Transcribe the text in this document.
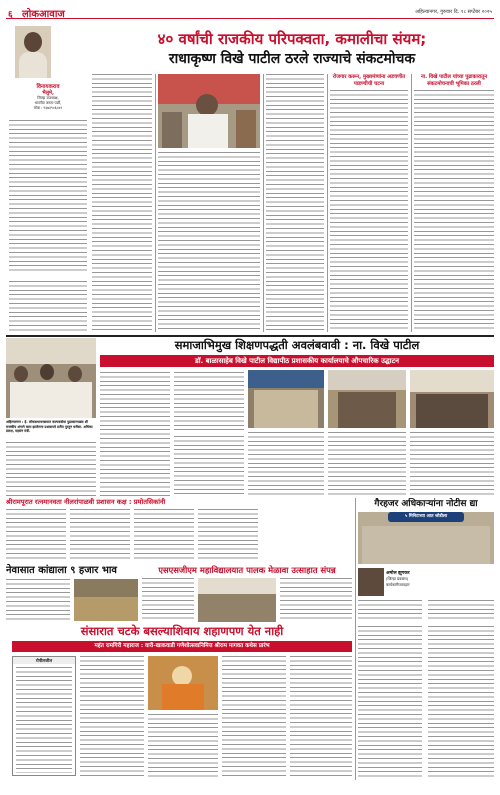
६ लोकआवाज	अहिल्यानगर, गुरुवार दि. १८ सप्टेंबर २०२५
विनायकराव
भैलुमे,
जिल्हा उपाध्यक्ष,
भारतीय जनता पार्टी,
मोबा : ९३७३९०६८४१
४० वर्षांची राजकीय परिपक्वता, कमालीचा संयम;
राधाकृष्ण विखे पाटील ठरले राज्याचे संकटमोचक
रोजगार करून, मुख्यमंत्र्यांना अडचणीत पाडण्यीची घटना
ना. विखे पाटील यांच्या पुढाकारातून
संकटमोचनाची भूमिका ठरली
समाजाभिमुख शिक्षणपद्धती अवलंबवावी : ना. विखे पाटील
डॉ. बाळासाहेब विखे पाटील विद्यापीठ प्रशासकीय कार्यालयाचे औपचारिक उद्घाटन
अहिल्यानगर : हे. लोकसभाधरक्रमात कल्पकसेवा पुढाकारमळ्या शी राजकीय अंगाने काम झालेलगा प्रश्नासपत्रे प्रतीय पुरतुन घरोंका. अधिका प्रलक्ष, महसंन मंत्री.
श्रीरामपूरात रत्नमानवता नीलरांपाळवी प्रशासन कक्ष : प्रमोतसिकांनी
नेवासात कांद्याला ९ हजार भाव	एसएसजीएम महाविद्यालयात पालक मेळावा उत्साहात संपन्न
गैरहजर अधिकाऱ्यांना नोटीस द्या
५ मिनिटाच्या आत जोडीला
अमोल झुगकर
(जिल्हा प्रवक्ता)
कार्यकारीपत्रपहार
संसारात चटके बसल्याशिवाय शहाणपण येत नाही
महंत रामगिरी महाराज : वारी-खाकवाडी गणेशोत्सवानिमित्त श्रीराम मागवत कथेस प्रारंभ
रोपीलजील
